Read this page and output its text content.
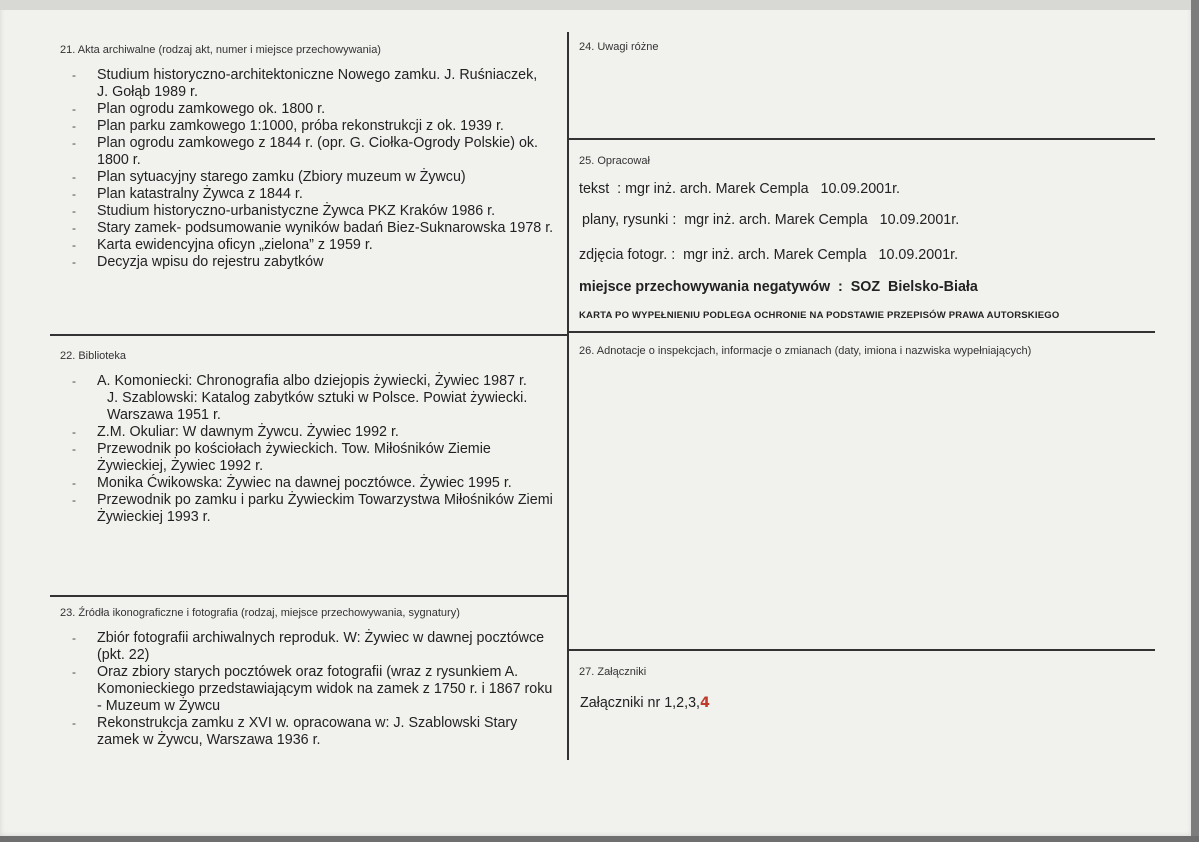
21. Akta archiwalne (rodzaj akt, numer i miejsce przechowywania)
- Studium historyczno-architektoniczne Nowego zamku. J. Ruśniaczek, J. Gołąb 1989 r.
- Plan ogrodu zamkowego ok. 1800 r.
- Plan parku zamkowego 1:1000, próba rekonstrukcji z ok. 1939 r.
- Plan ogrodu zamkowego z 1844 r. (opr. G. Ciołka-Ogrody Polskie) ok. 1800 r.
- Plan sytuacyjny starego zamku (Zbiory muzeum w Żywcu)
- Plan katastralny Żywca z 1844 r.
- Studium historyczno-urbanistyczne Żywca PKZ Kraków 1986 r.
- Stary zamek- podsumowanie wyników badań Biez-Suknarowska 1978 r.
- Karta ewidencyjna oficyn „zielona” z 1959 r.
- Decyzja wpisu do rejestru zabytków
22. Biblioteka
- A. Komoniecki: Chronografia albo dziejopis żywiecki, Żywiec 1987 r.
J. Szablowski: Katalog zabytków sztuki w Polsce. Powiat żywiecki. Warszawa 1951 r.
- Z.M. Okuliar: W dawnym Żywcu. Żywiec 1992 r.
- Przewodnik po kościołach żywieckich. Tow. Miłośników Ziemie Żywieckiej, Żywiec 1992 r.
- Monika Ćwikowska: Żywiec na dawnej pocztówce. Żywiec 1995 r.
- Przewodnik po zamku i parku Żywieckim Towarzystwa Miłośników Ziemi Żywieckiej 1993 r.
23. Źródła ikonograficzne i fotografia (rodzaj, miejsce przechowywania, sygnatury)
- Zbiór fotografii archiwalnych reproduk. W: Żywiec w dawnej pocztówce (pkt. 22)
- Oraz zbiory starych pocztówek oraz fotografii (wraz z rysunkiem A. Komonieckiego przedstawiającym widok na zamek z 1750 r. i 1867 roku - Muzeum w Żywcu
- Rekonstrukcja zamku z XVI w. opracowana w: J. Szablowski Stary zamek w Żywcu, Warszawa 1936 r.
24. Uwagi różne
25. Opracował
tekst  : mgr inż. arch. Marek Cempla   10.09.2001r.
plany, rysunki :  mgr inż. arch. Marek Cempla   10.09.2001r.
zdjęcia fotogr. :  mgr inż. arch. Marek Cempla   10.09.2001r.
miejsce przechowywania negatywów  :  SOZ  Bielsko-Biała
KARTA PO WYPEŁNIENIU PODLEGA OCHRONIE NA PODSTAWIE PRZEPISÓW PRAWA AUTORSKIEGO
26. Adnotacje o inspekcjach, informacje o zmianach (daty, imiona i nazwiska wypełniających)
27. Załączniki
Załączniki nr 1,2,3,4
